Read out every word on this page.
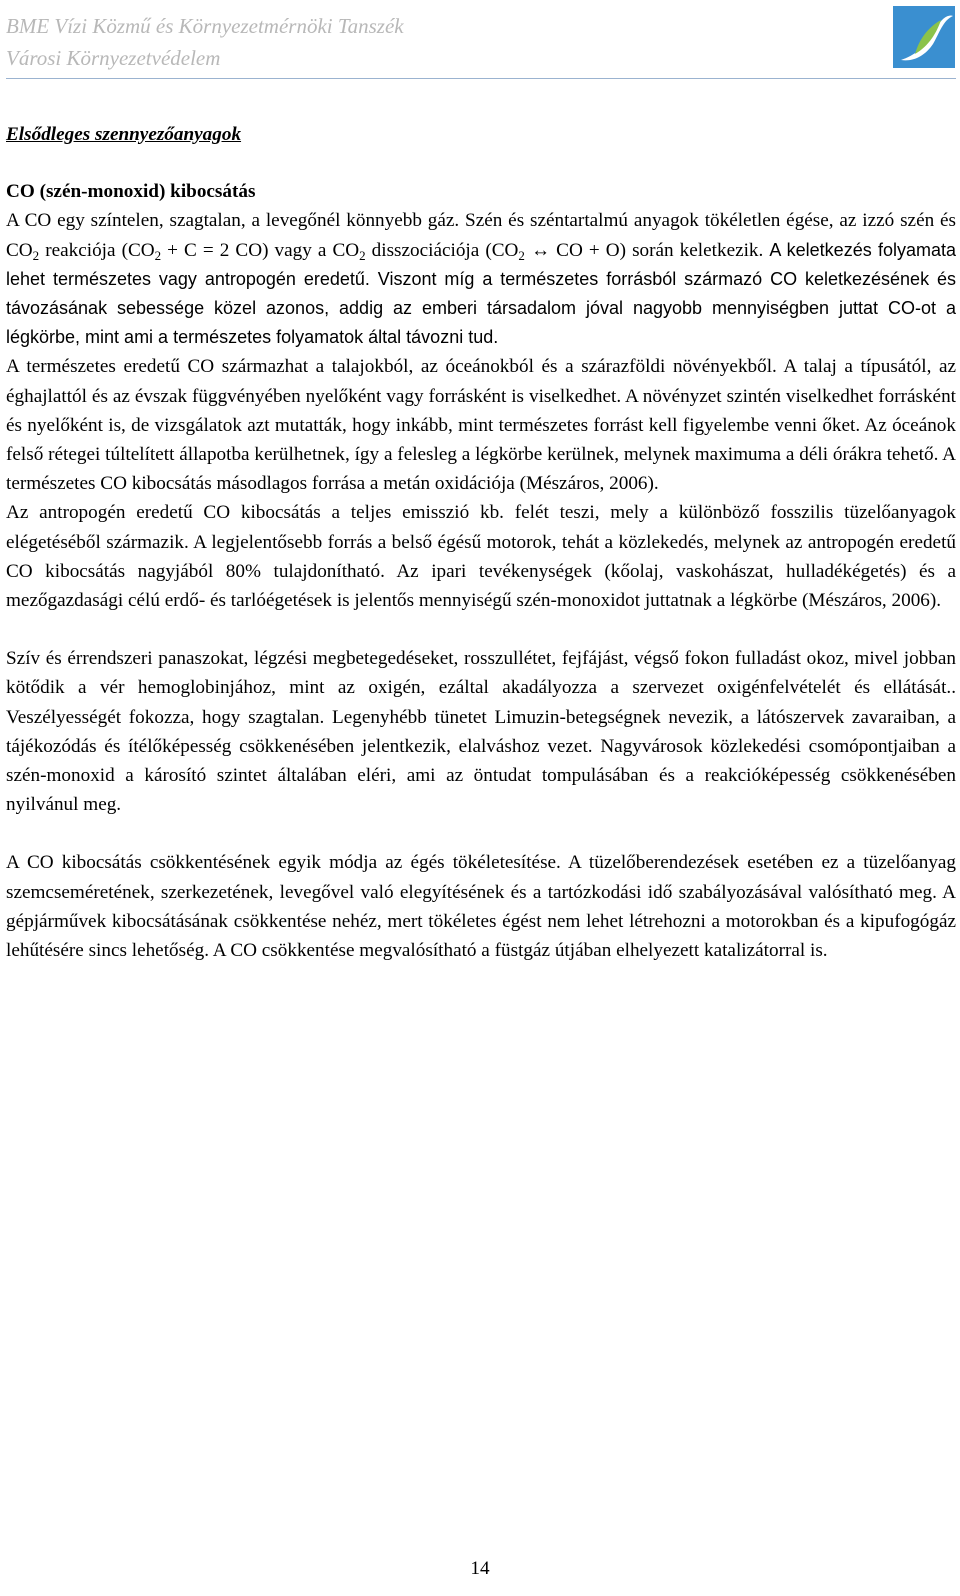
BME Vízi Közmű és Környezetmérnöki Tanszék
Városi Környezetvédelem
Elsődleges szennyezőanyagok
CO (szén-monoxid) kibocsátás

A CO egy színtelen, szagtalan, a levegőnél könnyebb gáz. Szén és széntartalmú anyagok tökéletlen égése, az izzó szén és $CO_2$ reakciója ($CO_2 + C = 2$ CO) vagy a $CO_2$ disszociációja ($CO_2$ ↔ CO + O) során keletkezik. A keletkezés folyamata lehet természetes vagy antropogén eredetű. Viszont míg a természetes forrásból származó CO keletkezésének és távozásának sebessége közel azonos, addig az emberi társadalom jóval nagyobb mennyiségben juttat CO-ot a légkörbe, mint ami a természetes folyamatok által távozni tud.

A természetes eredetű CO származhat a talajokból, az óceánokból és a szárazföldi növényekből. A talaj a típusától, az éghajlattól és az évszak függvényében nyelőként vagy forrásként is viselkedhet. A növényzet szintén viselkedhet forrásként és nyelőként is, de vizsgálatok azt mutatták, hogy inkább, mint természetes forrást kell figyelembe venni őket. Az óceánok felső rétegei túltelített állapotba kerülhetnek, így a felesleg a légkörbe kerülnek, melynek maximuma a déli órákra tehető. A természetes CO kibocsátás másodlagos forrása a metán oxidációja (Mészáros, 2006).

Az antropogén eredetű CO kibocsátás a teljes emisszió kb. felét teszi, mely a különböző fosszilis tüzelőanyagok elégetéséből származik. A legjelentősebb forrás a belső égésű motorok, tehát a közlekedés, melynek az antropogén eredetű CO kibocsátás nagyjából 80% tulajdonítható. Az ipari tevékenységek (kőolaj, vaskohászat, hulladékégetés) és a mezőgazdasági célú erdő- és tarlóégetések is jelentős mennyiségű szén-monoxidot juttatnak a légkörbe (Mészáros, 2006).

Szív és érrendszeri panaszokat, légzési megbetegedéseket, rosszullétet, fejfájást, végső fokon fulladást okoz, mivel jobban kötődik a vér hemoglobinjához, mint az oxigén, ezáltal akadályozza a szervezet oxigénfelvételét és ellátását.. Veszélyességét fokozza, hogy szagtalan. Legenyhébb tünetet Limuzin-betegségnek nevezik, a látószervek zavaraiban, a tájékozódás és ítélőképesség csökkenésében jelentkezik, elalváshoz vezet. Nagyvárosok közlekedési csomópontjaiban a szén-monoxid a károsító szintet általában eléri, ami az öntudat tompulásában és a reakcióképesség csökkenésében nyilvánul meg.

A CO kibocsátás csökkentésének egyik módja az égés tökéletesítése. A tüzelőberendezések esetében ez a tüzelőanyag szemcseméretének, szerkezetének, levegővel való elegyítésének és a tartózkodási idő szabályozásával valósítható meg. A gépjárművek kibocsátásának csökkentése nehéz, mert tökéletes égést nem lehet létrehozni a motorokban és a kipufogógáz lehűtésére sincs lehetőség. A CO csökkentése megvalósítható a füstgáz útjában elhelyezett katalizátorral is.

14
